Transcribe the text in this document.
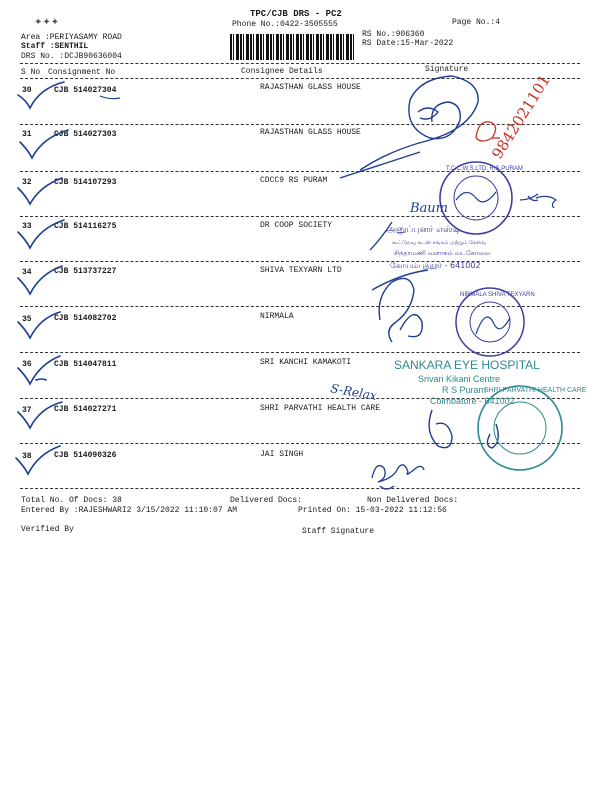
✦✦✦
TPC/CJB DRS - PC2
Phone No.:0422-3505555	Page No.:4
Area :PERIYASAMY ROAD
Staff :SENTHIL
DRS No. :DCJB90636004
RS No.:906360
RS Date:15-Mar-2022
S No Consignment No	Consignee Details	Signature
30	CJB 514027304	RAJASTHAN GLASS HOUSE
31	CJB 514027303	RAJASTHAN GLASS HOUSE
32	CJB 514107293	CDCC9 RS PURAM
33	CJB 514116275	DR COOP SOCIETY
34	CJB 513737227	SHIVA TEXYARN LTD
35	CJB 514082702	NIRMALA
36	CJB 514047811	SRI KANCHI KAMAKOTI
37	CJB 514027271	SHRI PARVATHI HEALTH CARE
38	CJB 514090326	JAI SINGH
Total No. Of Docs: 38	Delivered Docs:	Non Delivered Docs:
Entered By :RAJESHWARI2 3/15/2022 11:10:07 AM	Printed On: 15-03-2022 11:12:56
Verified By	Staff Signature
9842021101
T.C.C.W.S.LTD. R.S.PURAM
Baum
அனுப்புனர் எஸ்டி
கூட்டுறவு கடன் சங்கம் மற்றும் சேவை
சிந்தாமணி வளாகம் வடகோவை
கோயம்புத்தூர் - 641002
NIRMALA SHIVA TEXYARN
SANKARA EYE HOSPITAL
Srivari Kikani Centre
R S Puram
Coimbatore - 641002
S-Relax	SHRI PARVATHI HEALTH CARE
